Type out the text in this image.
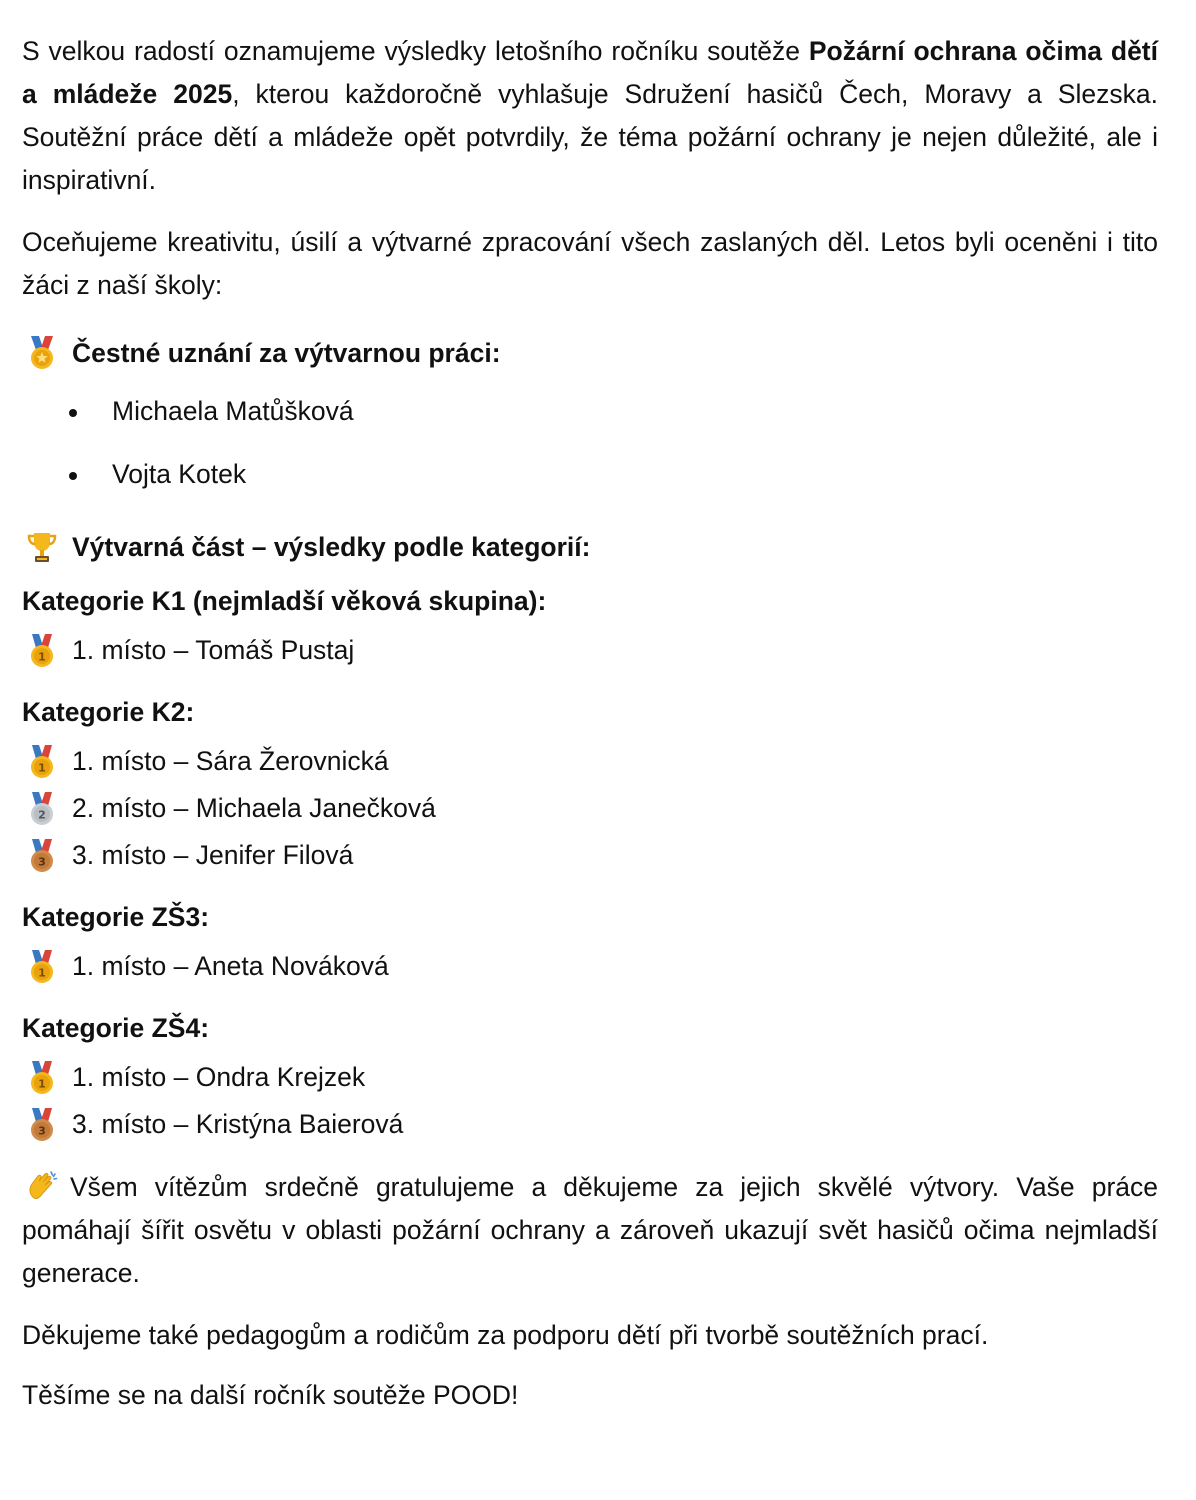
S velkou radostí oznamujeme výsledky letošního ročníku soutěže Požární ochrana očima dětí a mládeže 2025, kterou každoročně vyhlašuje Sdružení hasičů Čech, Moravy a Slezska. Soutěžní práce dětí a mládeže opět potvrdily, že téma požární ochrany je nejen důležité, ale i inspirativní.

Oceňujeme kreativitu, úsilí a výtvarné zpracování všech zaslaných děl. Letos byli oceněni i tito žáci z naší školy:

Čestné uznání za výtvarnou práci:
Michaela Matůšková
Vojta Kotek
Výtvarná část – výsledky podle kategorií:
Kategorie K1 (nejmladší věková skupina):
1 1. místo – Tomáš Pustaj
Kategorie K2:
1 1. místo – Sára Žerovnická
2 2. místo – Michaela Janečková
3 3. místo – Jenifer Filová
Kategorie ZŠ3:
1 1. místo – Aneta Nováková
Kategorie ZŠ4:
1 1. místo – Ondra Krejzek
3 3. místo – Kristýna Baierová

Všem vítězům srdečně gratulujeme a děkujeme za jejich skvělé výtvory. Vaše práce pomáhají šířit osvětu v oblasti požární ochrany a zároveň ukazují svět hasičů očima nejmladší generace.

Děkujeme také pedagogům a rodičům za podporu dětí při tvorbě soutěžních prací.

Těšíme se na další ročník soutěže POOD!
